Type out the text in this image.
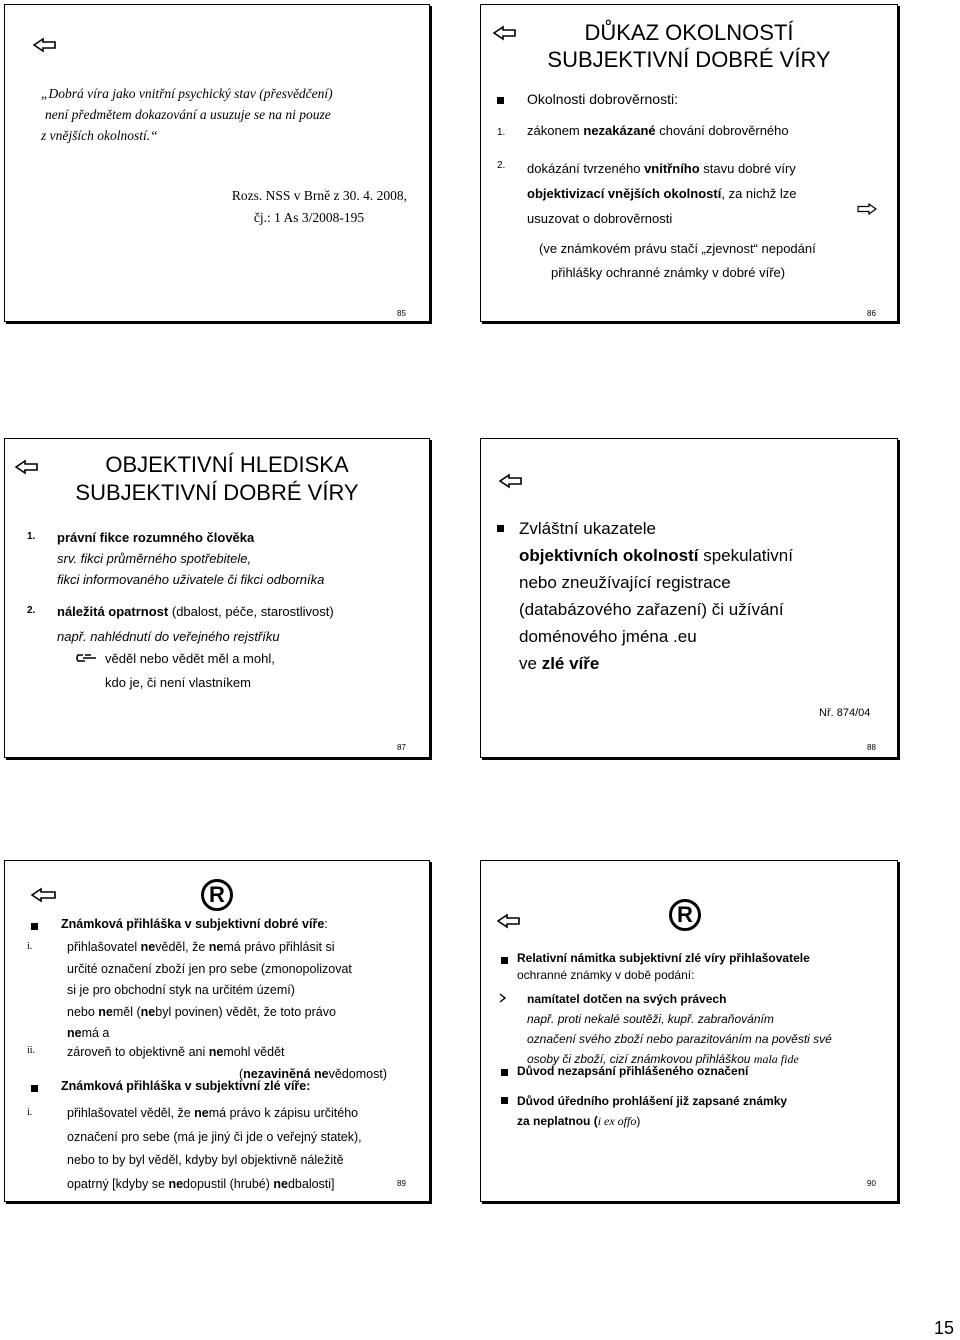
„Dobrá víra jako vnitřní psychický stav (přesvědčení)
není předmětem dokazování a usuzuje se na ni pouze
z vnějších okolností.“
Rozs. NSS v Brně z 30. 4. 2008,
čj.: 1 As 3/2008-195
85
DŮKAZ OKOLNOSTÍ
SUBJEKTIVNÍ DOBRÉ VÍRY
Okolnosti dobrověrnosti:
1. zákonem nezakázané chování dobrověrného
2. dokázání tvrzeného vnitřního stavu dobré víry
objektivizací vnějších okolností, za nichž lze
usuzovat o dobrověrnosti
(ve známkovém právu stačí „zjevnost“ nepodání
přihlášky ochranné známky v dobré víře)
86
OBJEKTIVNÍ HLEDISKA
SUBJEKTIVNÍ DOBRÉ VÍRY
1. právní fikce rozumného člověka
srv. fikci průměrného spotřebitele,
fikci informovaného uživatele či fikci odborníka
2. náležitá opatrnost (dbalost, péče, starostlivost)
např. nahlédnutí do veřejného rejstříku
věděl nebo vědět měl a mohl,
kdo je, či není vlastníkem
87
Zvláštní ukazatele
objektivních okolností spekulativní
nebo zneužívající registrace
(databázového zařazení) či užívání
doménového jména .eu
ve zlé víře
Nř. 874/04
88
R
Známková přihláška v subjektivní dobré víře:
i.	přihlašovatel nevěděl, že nemá právo přihlásit si
určité označení zboží jen pro sebe (zmonopolizovat
si je pro obchodní styk na určitém území)
nebo neměl (nebyl povinen) vědět, že toto právo
nemá a
ii.	zároveň to objektivně ani nemohl vědět
(nezaviněná nevědomost)
Známková přihláška v subjektivní zlé víře:
i.	přihlašovatel věděl, že nemá právo k zápisu určitého
označení pro sebe (má je jiný či jde o veřejný statek),
nebo to by byl věděl, kdyby byl objektivně náležitě
opatrný [kdyby se nedopustil (hrubé) nedbalosti]	89
R
Relativní námitka subjektivní zlé víry přihlašovatele
ochranné známky v době podání:
namítatel dotčen na svých právech
např. proti nekalé soutěži, kupř. zabraňováním
označení svého zboží nebo parazitováním na pověsti své
osoby či zboží, cizí známkovou přihláškou mala fide
Důvod nezapsání přihlášeného označení
Důvod úředního prohlášení již zapsané známky
za neplatnou (i ex offo)
90
15
